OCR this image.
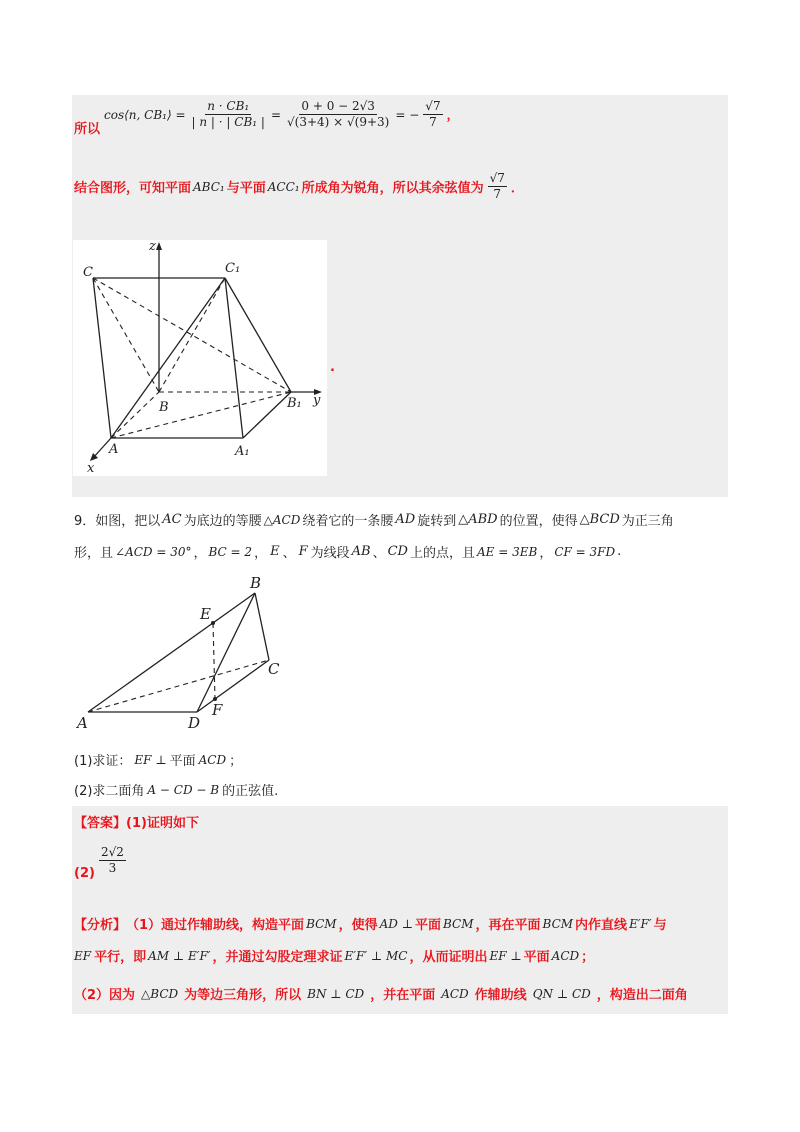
所以
cos⟨n, CB₁⟩ = $\frac{\text{n · CB₁}}{\text{| n | · | CB₁ |}} = \frac{0 + 0 - 2√3}{√(3+4) \times √(9+3)}$ = − $\frac{√7}{7}$ ，
结合图形，可知平面 ABC₁ 与平面 ACC₁ 所成角为锐角，所以其余弦值为 $\frac{√7}{7}$ ．
z
C	C₁
B	B₁ y
A	A₁
x
.
9． 如图，把以 AC 为底边的等腰 △ACD 绕着它的一条腰 AD 旋转到 △ABD 的位置，使得 △BCD 为正三角
形，且 ∠ACD = 30° ， BC = 2 ， E 、 F 为线段 AB 、 CD 上的点，且 AE = 3EB ， CF = 3FD .
B
E
C
A	D
F
(1)求证： EF ⊥ 平面 ACD ；
(2)求二面角 A − CD − B 的正弦值.
【答案】(1)证明如下
$(2) \frac{2√2}{3}$
【分析】 （1）通过作辅助线，构造平面 BCM ，使得 AD ⊥ 平面 BCM ，再在平面 BCM 内作直线 E′F′ 与
EF 平行，即 AM ⊥ E′F′ ，并通过勾股定理求证 E′F′ ⊥ MC ，从而证明出 EF ⊥ 平面 ACD ；
（2）因为 △BCD 为等边三角形，所以 BN ⊥ CD ，并在平面 ACD 作辅助线 QN ⊥ CD ，构造出二面角
